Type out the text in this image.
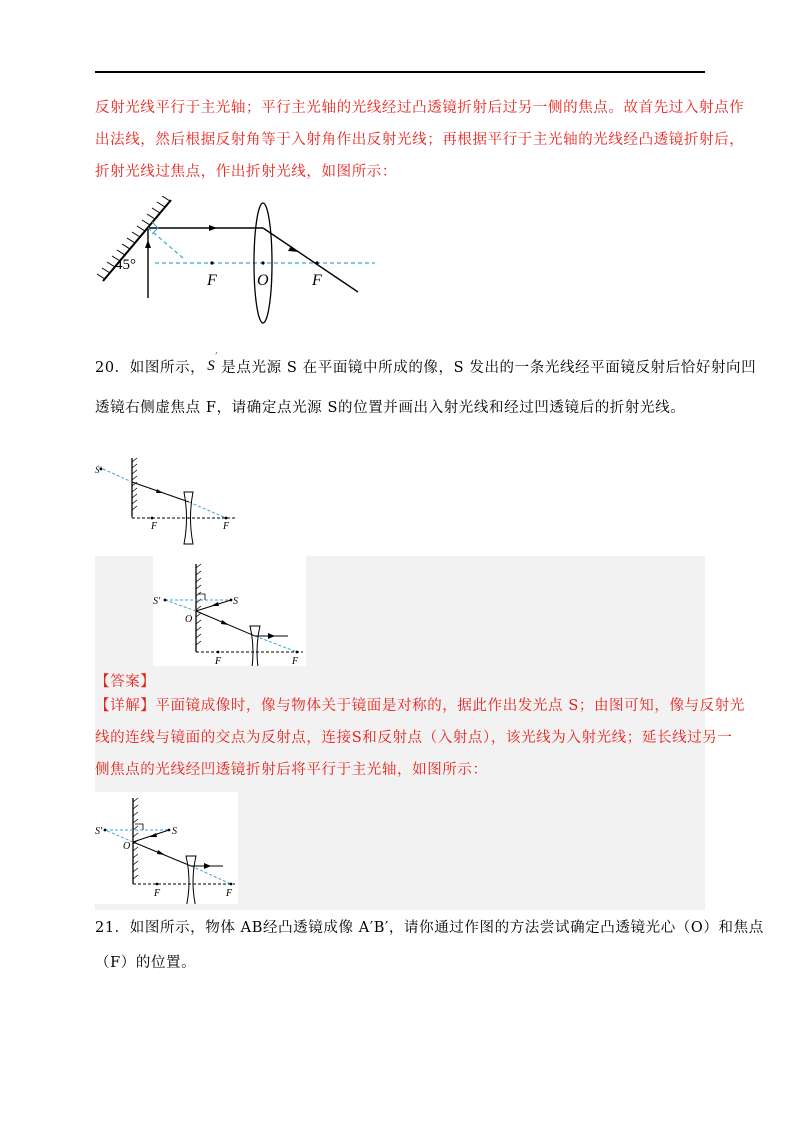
反射光线平行于主光轴；平行主光轴的光线经过凸透镜折射后过另一侧的焦点。故首先过入射点作
出法线，然后根据反射角等于入射角作出反射光线；再根据平行于主光轴的光线经凸透镜折射后，
折射光线过焦点，作出折射光线，如图所示：
45°
F	O	F
20．如图所示， S
′
是点光源 S 在平面镜中所成的像，S 发出的一条光线经平面镜反射后恰好射向凹
透镜右侧虚焦点 F，请确定点光源 S的位置并画出入射光线和经过凹透镜后的折射光线。
S'
F	F
S'	S
O
F	F
【答案】
【详解】平面镜成像时，像与物体关于镜面是对称的，据此作出发光点 S；由图可知，像与反射光
线的连线与镜面的交点为反射点，连接S和反射点（入射点），该光线为入射光线；延长线过另一
侧焦点的光线经凹透镜折射后将平行于主光轴，如图所示：
S'	S
O
F	F
21．如图所示，物体 AB经凸透镜成像 A′B′，请你通过作图的方法尝试确定凸透镜光心（O）和焦点
（F）的位置。
